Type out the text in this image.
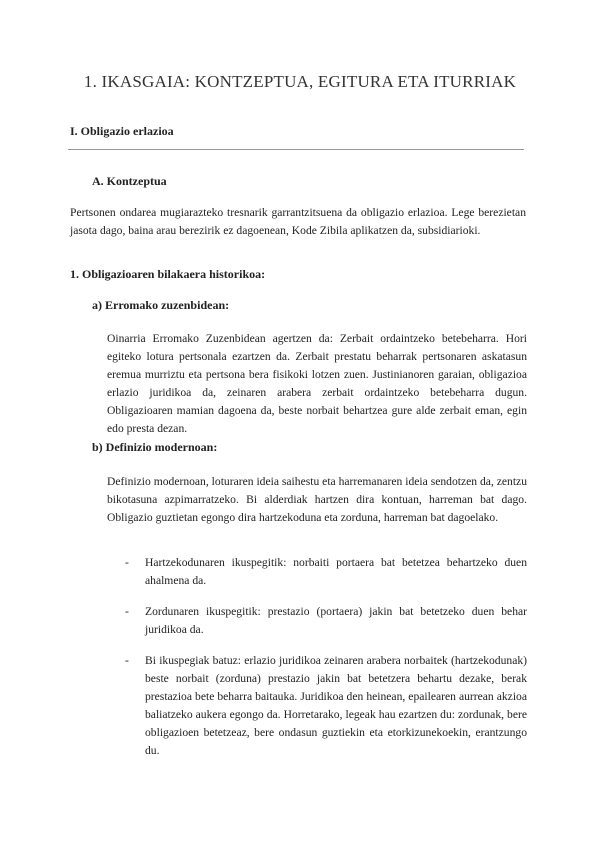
1. IKASGAIA: KONTZEPTUA, EGITURA ETA ITURRIAK
I. Obligazio erlazioa
A. Kontzeptua
Pertsonen ondarea mugiarazteko tresnarik garrantzitsuena da obligazio erlazioa. Lege berezietan jasota dago, baina arau berezirik ez dagoenean, Kode Zibila aplikatzen da, subsidiarioki.
1. Obligazioaren bilakaera historikoa:
a) Erromako zuzenbidean:
Oinarria Erromako Zuzenbidean agertzen da: Zerbait ordaintzeko betebeharra. Hori egiteko lotura pertsonala ezartzen da. Zerbait prestatu beharrak pertsonaren askatasun eremua murriztu eta pertsona bera fisikoki lotzen zuen. Justinianoren garaian, obligazioa erlazio juridikoa da, zeinaren arabera zerbait ordaintzeko betebeharra dugun. Obligazioaren mamian dagoena da, beste norbait behartzea gure alde zerbait eman, egin edo presta dezan.
b) Definizio modernoan:
Definizio modernoan, loturaren ideia saihestu eta harremanaren ideia sendotzen da, zentzu bikotasuna azpimarratzeko. Bi alderdiak hartzen dira kontuan, harreman bat dago. Obligazio guztietan egongo dira hartzekoduna eta zorduna, harreman bat dagoelako.
- Hartzekodunaren ikuspegitik: norbaiti portaera bat betetzea behartzeko duen ahalmena da.
- Zordunaren ikuspegitik: prestazio (portaera) jakin bat betetzeko duen behar juridikoa da.
- Bi ikuspegiak batuz: erlazio juridikoa zeinaren arabera norbaitek (hartzekodunak) beste norbait (zorduna) prestazio jakin bat betetzera behartu dezake, berak prestazioa bete beharra baitauka. Juridikoa den heinean, epailearen aurrean akzioa baliatzeko aukera egongo da. Horretarako, legeak hau ezartzen du: zordunak, bere obligazioen betetzeaz, bere ondasun guztiekin eta etorkizunekoekin, erantzungo du.
